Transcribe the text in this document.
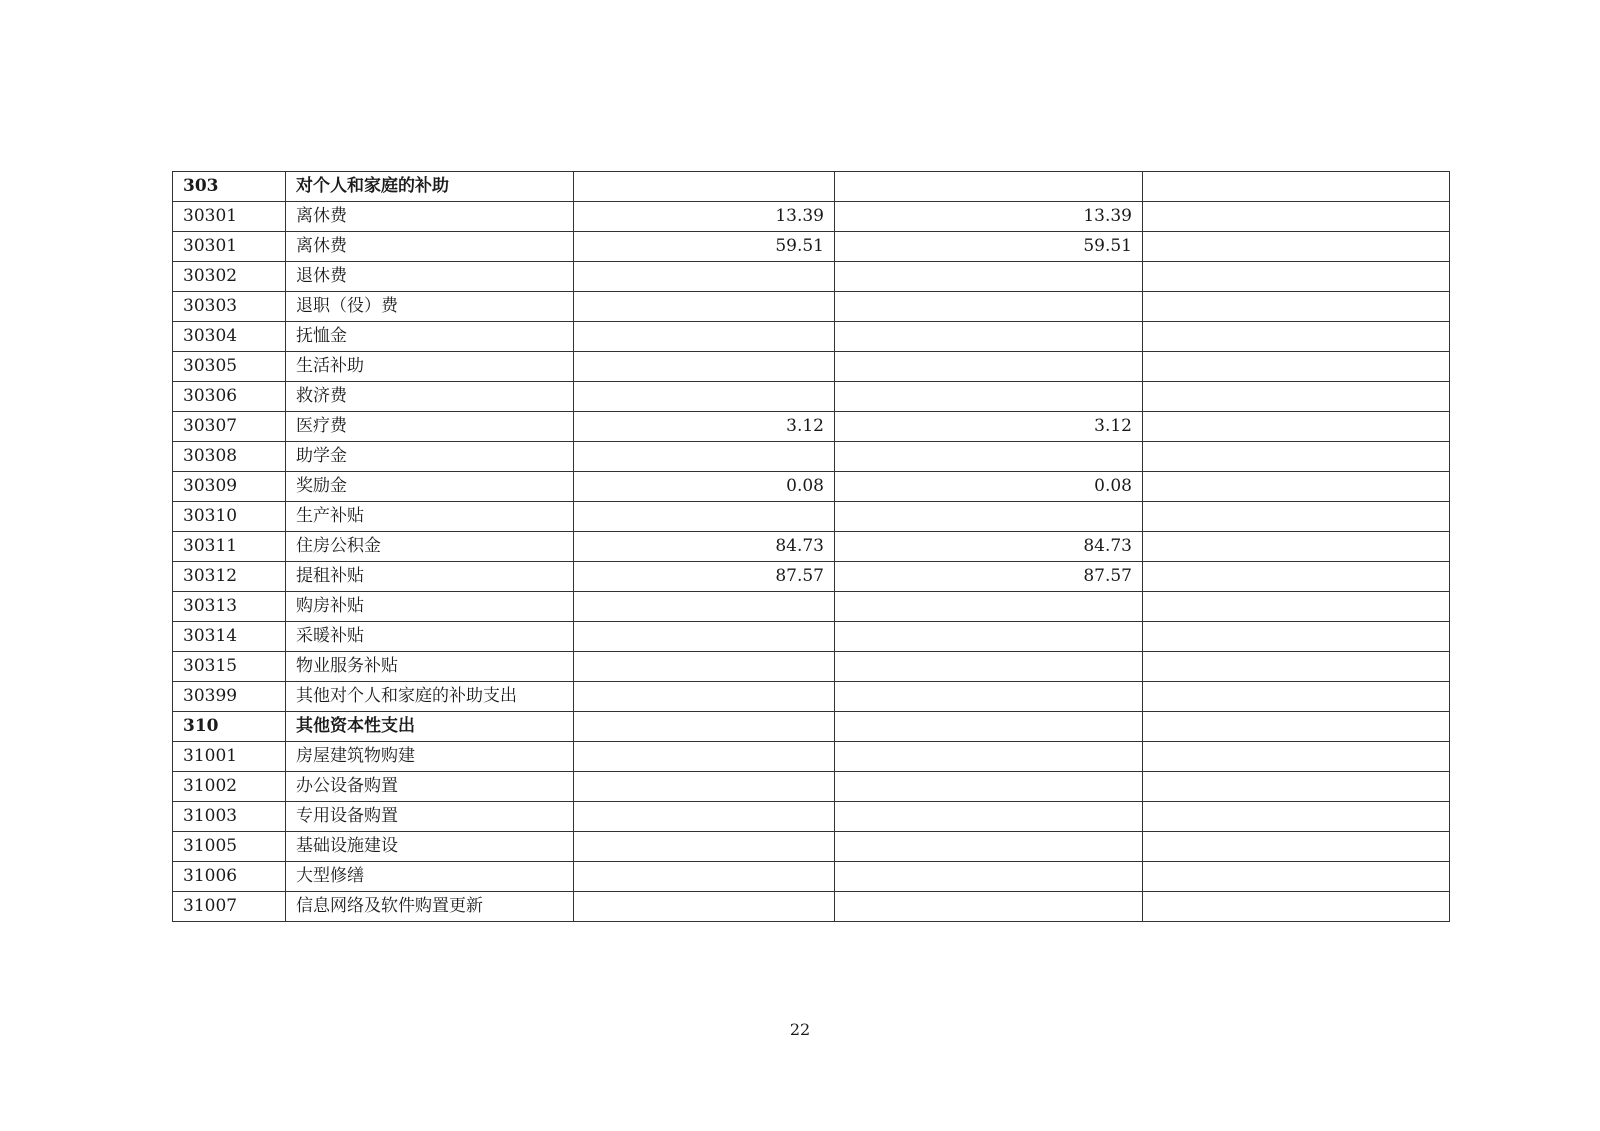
303	对个人和家庭的补助			
30301	离休费	13.39	13.39	
30301	离休费	59.51	59.51	
30302	退休费			
30303	退职（役）费			
30304	抚恤金			
30305	生活补助			
30306	救济费			
30307	医疗费	3.12	3.12	
30308	助学金			
30309	奖励金	0.08	0.08	
30310	生产补贴			
30311	住房公积金	84.73	84.73	
30312	提租补贴	87.57	87.57	
30313	购房补贴			
30314	采暖补贴			
30315	物业服务补贴			
30399	其他对个人和家庭的补助支出			
310	其他资本性支出			
31001	房屋建筑物购建			
31002	办公设备购置			
31003	专用设备购置			
31005	基础设施建设			
31006	大型修缮			
31007	信息网络及软件购置更新			
22
